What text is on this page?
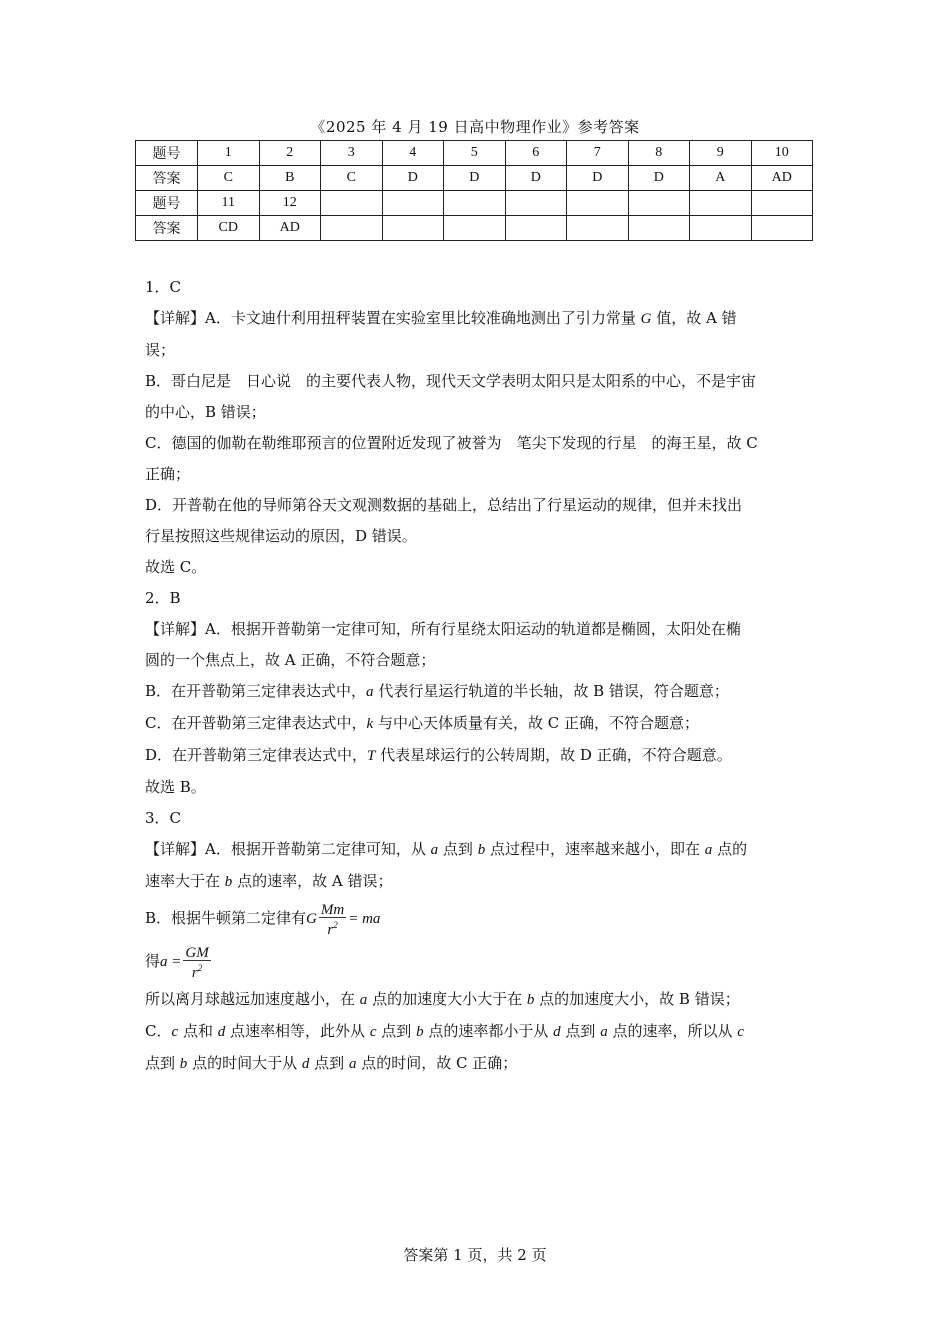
《2025 年 4 月 19 日高中物理作业》参考答案
题号	1	2	3	4	5	6	7	8	9	10
答案	C	B	C	D	D	D	D	D	A	AD
题号	11	12								
答案	CD	AD								

1．C

【详解】A．卡文迪什利用扭秤装置在实验室里比较准确地测出了引力常量 G 值，故 A 错

误；

B．哥白尼是　日心说　的主要代表人物，现代天文学表明太阳只是太阳系的中心，不是宇宙

的中心，B 错误；

C．德国的伽勒在勒维耶预言的位置附近发现了被誉为　笔尖下发现的行星　的海王星，故 C

正确；

D．开普勒在他的导师第谷天文观测数据的基础上，总结出了行星运动的规律，但并未找出

行星按照这些规律运动的原因，D 错误。

故选 C。

2．B

【详解】A．根据开普勒第一定律可知，所有行星绕太阳运动的轨道都是椭圆，太阳处在椭

圆的一个焦点上，故 A 正确，不符合题意；

B．在开普勒第三定律表达式中，a 代表行星运行轨道的半长轴，故 B 错误，符合题意；

C．在开普勒第三定律表达式中，k 与中心天体质量有关，故 C 正确，不符合题意；

D．在开普勒第三定律表达式中，T 代表星球运行的公转周期，故 D 正确，不符合题意。

故选 B。

3．C

【详解】A．根据开普勒第二定律可知，从 a 点到 b 点过程中，速率越来越小，即在 a 点的

速率大于在 b 点的速率，故 A 错误；

B．根据牛顿第二定律有G $\frac{Mm}{r^2}$ = ma

得$a = \frac{GM}{r^2}$

所以离月球越远加速度越小，在 a 点的加速度大小大于在 b 点的加速度大小，故 B 错误；

C．c 点和 d 点速率相等，此外从 c 点到 b 点的速率都小于从 d 点到 a 点的速率，所以从 c

点到 b 点的时间大于从 d 点到 a 点的时间，故 C 正确；

答案第 1 页，共 2 页
